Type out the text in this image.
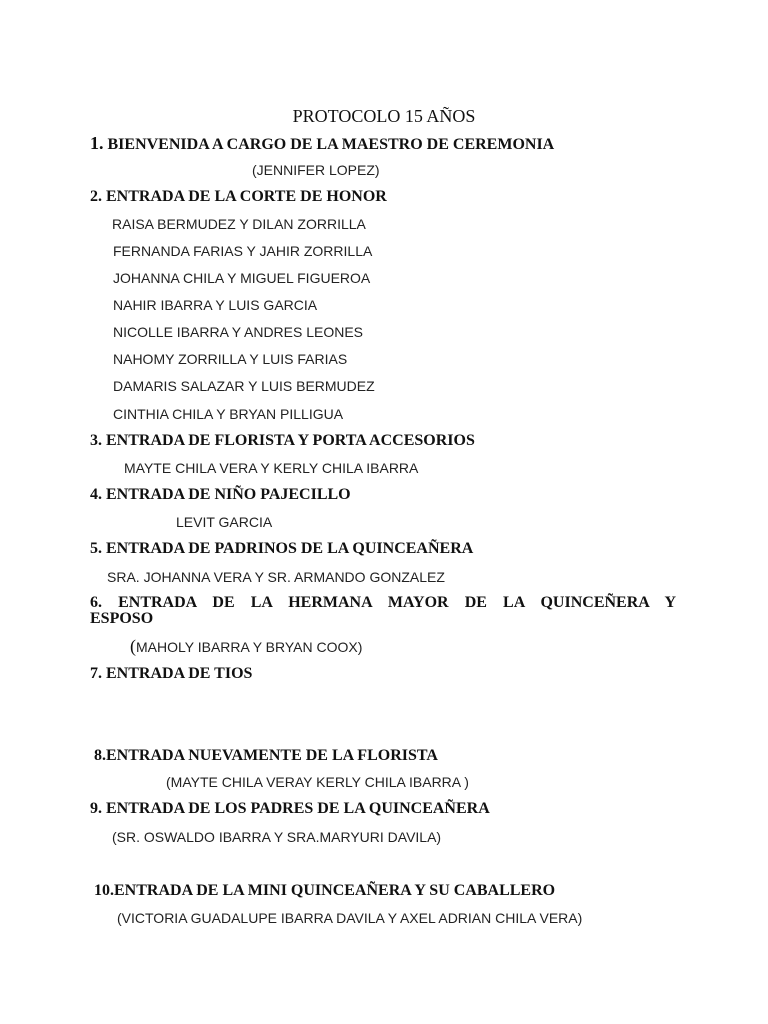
PROTOCOLO 15 AÑOS
1. BIENVENIDA A CARGO DE LA MAESTRO DE CEREMONIA
(JENNIFER LOPEZ)
2. ENTRADA DE LA CORTE DE HONOR
RAISA BERMUDEZ Y DILAN ZORRILLA
FERNANDA FARIAS Y JAHIR ZORRILLA
JOHANNA CHILA Y MIGUEL FIGUEROA
NAHIR IBARRA Y LUIS GARCIA
NICOLLE IBARRA Y ANDRES LEONES
NAHOMY ZORRILLA Y LUIS FARIAS
DAMARIS SALAZAR Y LUIS BERMUDEZ
CINTHIA CHILA Y BRYAN PILLIGUA
3. ENTRADA DE FLORISTA Y PORTA ACCESORIOS
MAYTE CHILA VERA Y KERLY CHILA IBARRA
4. ENTRADA DE NIÑO PAJECILLO
LEVIT GARCIA
5. ENTRADA DE PADRINOS DE LA QUINCEAÑERA
SRA. JOHANNA VERA Y SR. ARMANDO GONZALEZ
6. ENTRADA DE LA HERMANA MAYOR DE LA QUINCEÑERA Y
ESPOSO
(MAHOLY IBARRA Y BRYAN COOX)
7. ENTRADA DE TIOS
8.ENTRADA NUEVAMENTE DE LA FLORISTA
(MAYTE CHILA VERAY KERLY CHILA IBARRA )
9. ENTRADA DE LOS PADRES DE LA QUINCEAÑERA
(SR. OSWALDO IBARRA Y SRA.MARYURI DAVILA)
10.ENTRADA DE LA MINI QUINCEAÑERA Y SU CABALLERO
(VICTORIA GUADALUPE IBARRA DAVILA Y AXEL ADRIAN CHILA VERA)
